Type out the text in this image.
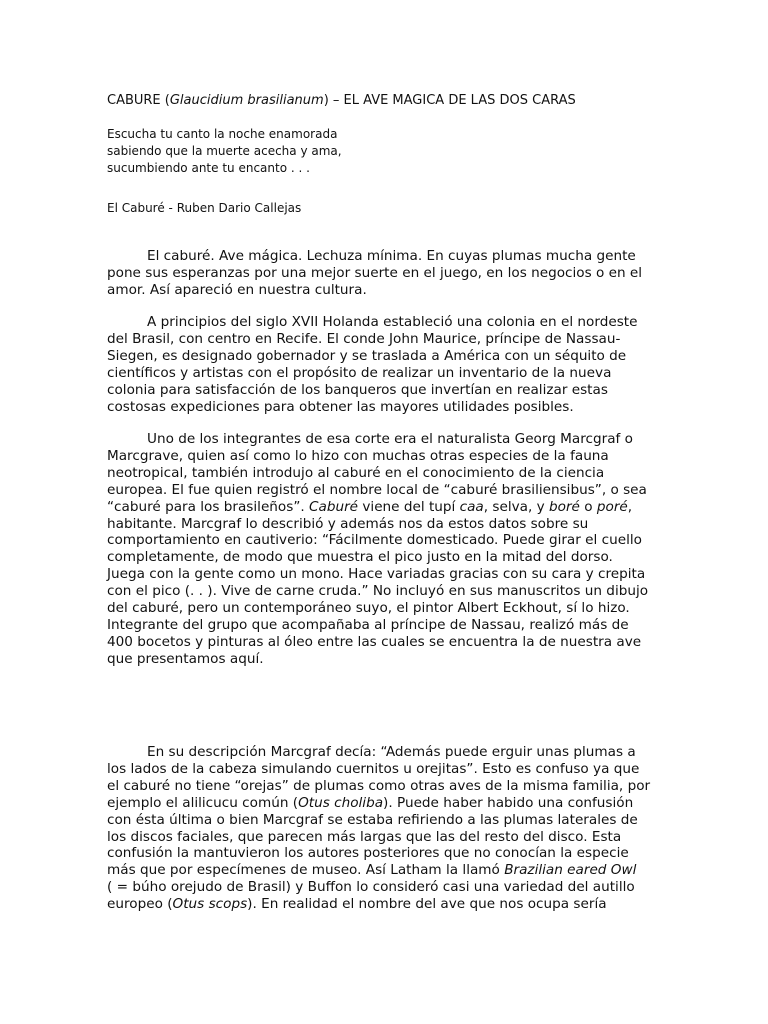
CABURE (Glaucidium brasilianum) – EL AVE MAGICA DE LAS DOS CARAS

Escucha tu canto la noche enamorada
sabiendo que la muerte acecha y ama,
sucumbiendo ante tu encanto . . .

El Caburé - Ruben Dario Callejas

El caburé. Ave mágica. Lechuza mínima. En cuyas plumas mucha gente
pone sus esperanzas por una mejor suerte en el juego, en los negocios o en el
amor. Así apareció en nuestra cultura.

A principios del siglo XVII Holanda estableció una colonia en el nordeste
del Brasil, con centro en Recife. El conde John Maurice, príncipe de Nassau-
Siegen, es designado gobernador y se traslada a América con un séquito de
científicos y artistas con el propósito de realizar un inventario de la nueva
colonia para satisfacción de los banqueros que invertían en realizar estas
costosas expediciones para obtener las mayores utilidades posibles.

Uno de los integrantes de esa corte era el naturalista Georg Marcgraf o
Marcgrave, quien así como lo hizo con muchas otras especies de la fauna
neotropical, también introdujo al caburé en el conocimiento de la ciencia
europea. El fue quien registró el nombre local de “caburé brasiliensibus”, o sea
“caburé para los brasileños”. Caburé viene del tupí caa, selva, y boré o poré,
habitante. Marcgraf lo describió y además nos da estos datos sobre su
comportamiento en cautiverio: “Fácilmente domesticado. Puede girar el cuello
completamente, de modo que muestra el pico justo en la mitad del dorso.
Juega con la gente como un mono. Hace variadas gracias con su cara y crepita
con el pico (. . ). Vive de carne cruda.” No incluyó en sus manuscritos un dibujo
del caburé, pero un contemporáneo suyo, el pintor Albert Eckhout, sí lo hizo.
Integrante del grupo que acompañaba al príncipe de Nassau, realizó más de
400 bocetos y pinturas al óleo entre las cuales se encuentra la de nuestra ave
que presentamos aquí.

En su descripción Marcgraf decía: “Además puede erguir unas plumas a
los lados de la cabeza simulando cuernitos u orejitas”. Esto es confuso ya que
el caburé no tiene “orejas” de plumas como otras aves de la misma familia, por
ejemplo el alilicucu común (Otus choliba). Puede haber habido una confusión
con ésta última o bien Marcgraf se estaba refiriendo a las plumas laterales de
los discos faciales, que parecen más largas que las del resto del disco. Esta
confusión la mantuvieron los autores posteriores que no conocían la especie
más que por especímenes de museo. Así Latham la llamó Brazilian eared Owl
( = búho orejudo de Brasil) y Buffon lo consideró casi una variedad del autillo
europeo (Otus scops). En realidad el nombre del ave que nos ocupa sería
